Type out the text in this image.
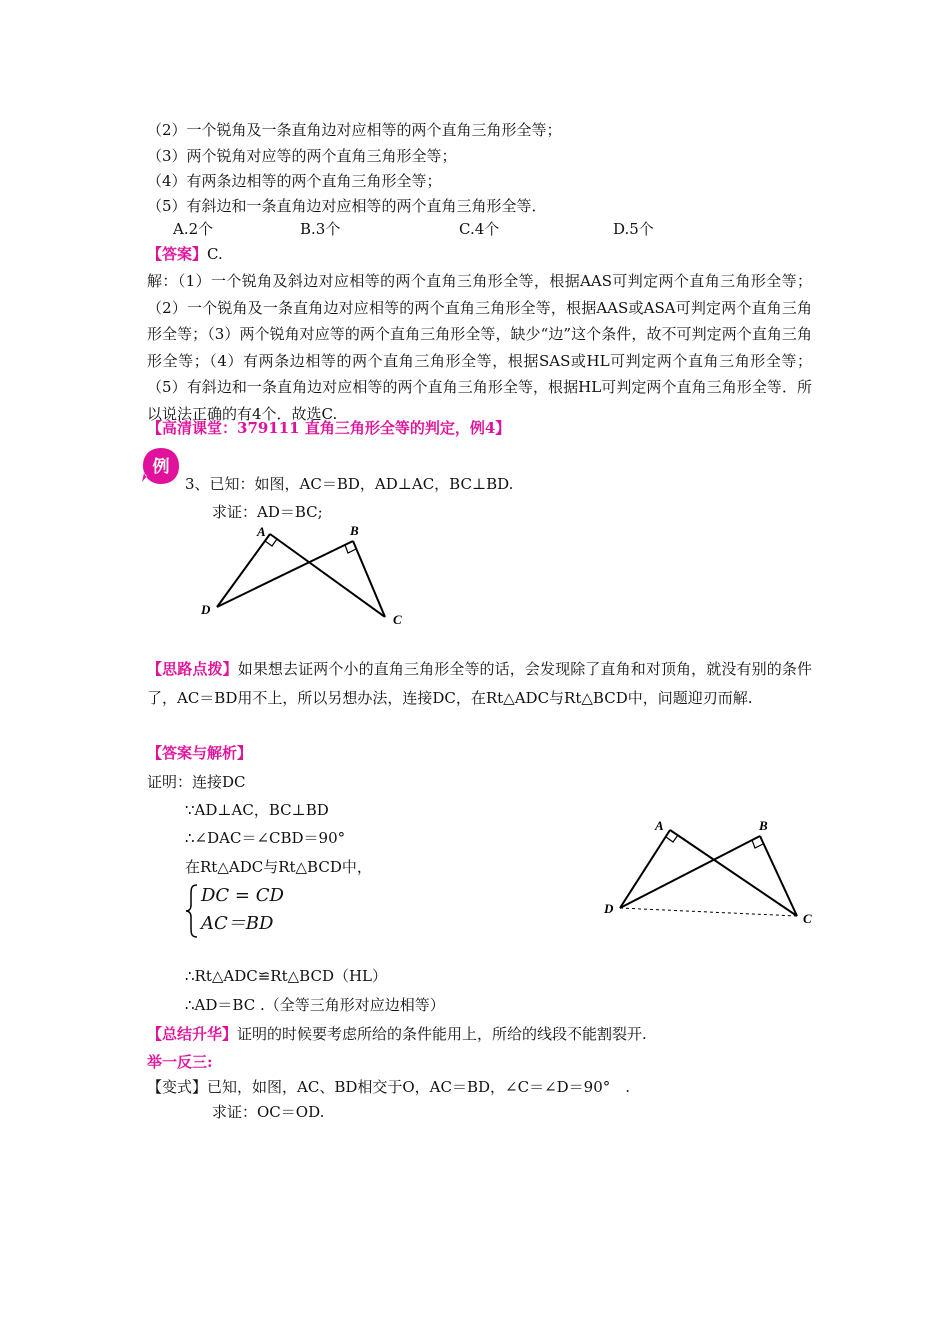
（2）一个锐角及一条直角边对应相等的两个直角三角形全等；
（3）两个锐角对应等的两个直角三角形全等；
（4）有两条边相等的两个直角三角形全等；
（5）有斜边和一条直角边对应相等的两个直角三角形全等．
A.2个	B.3个	C.4个	D.5个
【答案】C.
解：（1）一个锐角及斜边对应相等的两个直角三角形全等，根据AAS可判定两个直角三角形全等；（2）一个锐角及一条直角边对应相等的两个直角三角形全等，根据AAS或ASA可判定两个直角三角形全等；（3）两个锐角对应等的两个直角三角形全等，缺少“边”这个条件，故不可判定两个直角三角形全等；（4）有两条边相等的两个直角三角形全等，根据SAS或HL可判定两个直角三角形全等；（5）有斜边和一条直角边对应相等的两个直角三角形全等，根据HL可判定两个直角三角形全等．所以说法正确的有4个．故选C.
【高清课堂：379111 直角三角形全等的判定，例4】
例
3、已知：如图，AC＝BD，AD⊥AC，BC⊥BD.
求证：AD＝BC;
A	B
C
D
【思路点拨】如果想去证两个小的直角三角形全等的话，会发现除了直角和对顶角，就没有别的条件了，AC＝BD用不上，所以另想办法，连接DC，在Rt△ADC与Rt△BCD中，问题迎刃而解.
【答案与解析】
证明：连接DC
∵AD⊥AC，BC⊥BD
∴∠DAC＝∠CBD＝90°
在Rt△ADC与Rt△BCD中，
DC = CD
AC＝BD
∴Rt△ADC≌Rt△BCD（HL）
∴AD＝BC .（全等三角形对应边相等）
A	B
C
D
【总结升华】证明的时候要考虑所给的条件能用上，所给的线段不能割裂开.
举一反三:
【变式】已知，如图，AC、BD相交于O，AC＝BD，∠C＝∠D＝90°　.
求证：OC＝OD.
